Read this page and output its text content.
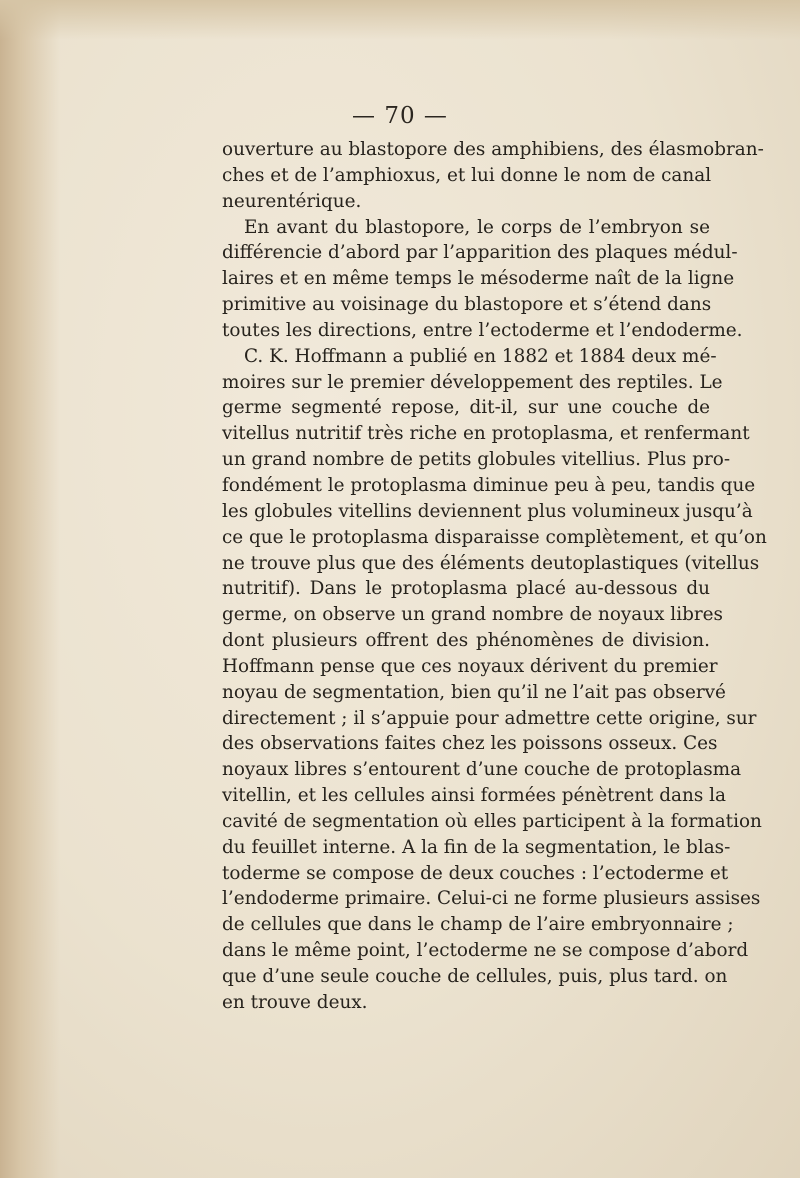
— 70 —
ouverture au blastopore des amphibiens, des élasmobran-
ches et de l’amphioxus, et lui donne le nom de canal
neurentérique.
En avant du blastopore, le corps de l’embryon se
différencie d’abord par l’apparition des plaques médul-
laires et en même temps le mésoderme naît de la ligne
primitive au voisinage du blastopore et s’étend dans
toutes les directions, entre l’ectoderme et l’endoderme.
C. K. Hoffmann a publié en 1882 et 1884 deux mé-
moires sur le premier développement des reptiles. Le
germe segmenté repose, dit-il, sur une couche de
vitellus nutritif très riche en protoplasma, et renfermant
un grand nombre de petits globules vitellius. Plus pro-
fondément le protoplasma diminue peu à peu, tandis que
les globules vitellins deviennent plus volumineux jusqu’à
ce que le protoplasma disparaisse complètement, et qu’on
ne trouve plus que des éléments deutoplastiques (vitellus
nutritif). Dans le protoplasma placé au-dessous du
germe, on observe un grand nombre de noyaux libres
dont plusieurs offrent des phénomènes de division.
Hoffmann pense que ces noyaux dérivent du premier
noyau de segmentation, bien qu’il ne l’ait pas observé
directement ; il s’appuie pour admettre cette origine, sur
des observations faites chez les poissons osseux. Ces
noyaux libres s’entourent d’une couche de protoplasma
vitellin, et les cellules ainsi formées pénètrent dans la
cavité de segmentation où elles participent à la formation
du feuillet interne. A la fin de la segmentation, le blas-
toderme se compose de deux couches : l’ectoderme et
l’endoderme primaire. Celui-ci ne forme plusieurs assises
de cellules que dans le champ de l’aire embryonnaire ;
dans le même point, l’ectoderme ne se compose d’abord
que d’une seule couche de cellules, puis, plus tard. on
en trouve deux.
